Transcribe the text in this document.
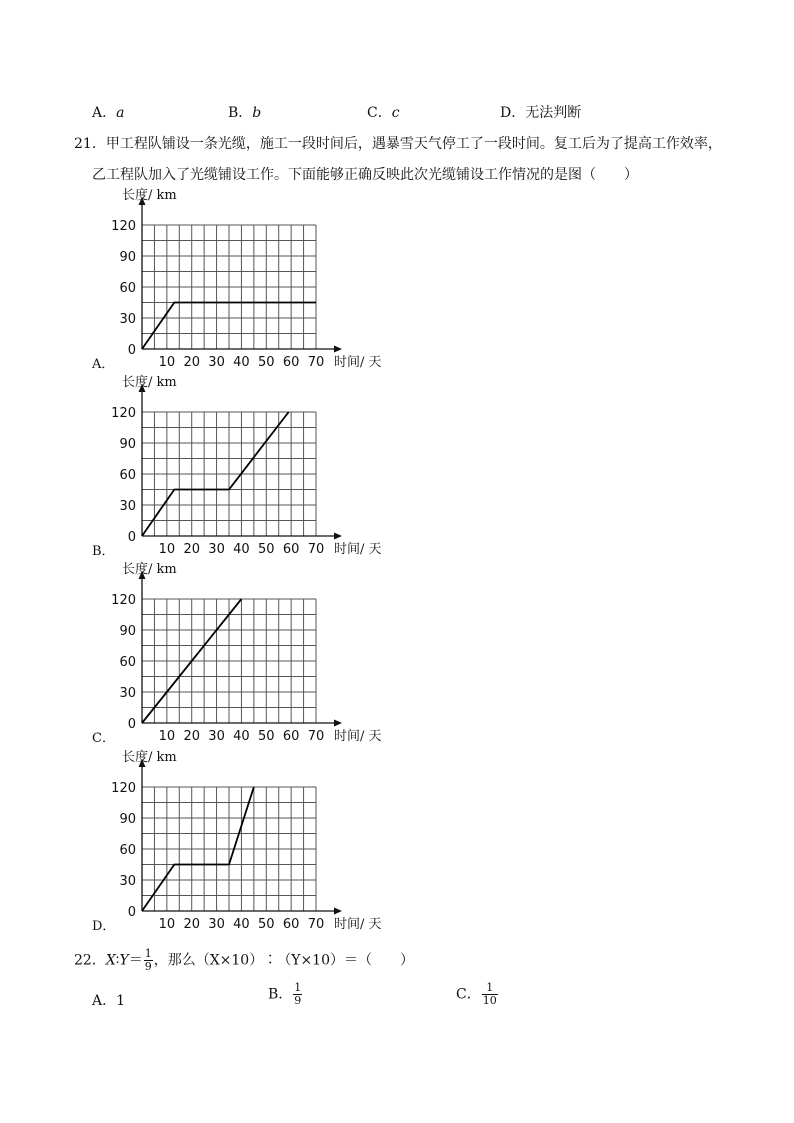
A．a	B．b	C．c	D．无法判断
21．甲工程队铺设一条光缆，施工一段时间后，遇暴雪天气停工了一段时间。复工后为了提高工作效率，
乙工程队加入了光缆铺设工作。下面能够正确反映此次光缆铺设工作情况的是图（　　）
0
30
60
90
120
10 20 30 40 50 60 70 时间/ 天
长度/ km
A．
0
30
60
90
120
10 20 30 40 50 60 70 时间/ 天
长度/ km
B．
0
30
60
90
120
10 20 30 40 50 60 70 时间/ 天
长度/ km
C．
0
30
60
90
120
10 20 30 40 50 60 70 时间/ 天
长度/ km
D．
22．X∶Y＝ $\frac{1}{9}$ ，那么（X×10）∶（Y×10）＝（　　）
A．1	B． $\frac{1}{9}$	C． $\frac{1}{10}$
